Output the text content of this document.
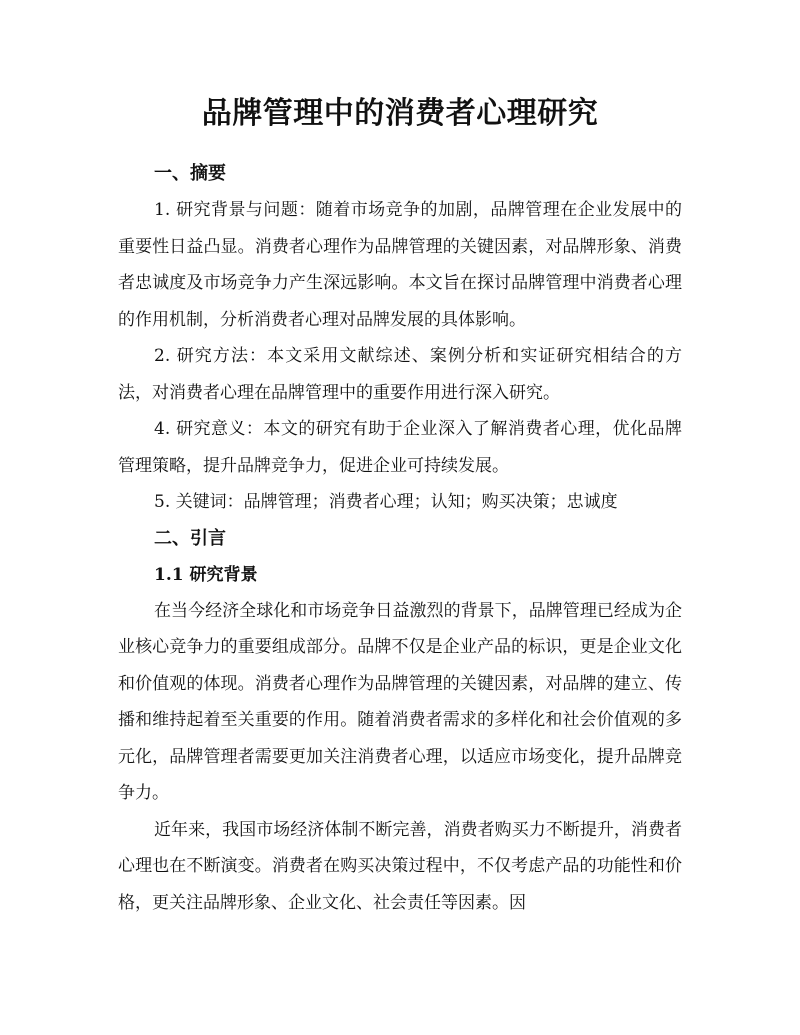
品牌管理中的消费者心理研究
一、摘要

1. 研究背景与问题：随着市场竞争的加剧，品牌管理在企业发展中的重要性日益凸显。消费者心理作为品牌管理的关键因素，对品牌形象、消费者忠诚度及市场竞争力产生深远影响。本文旨在探讨品牌管理中消费者心理的作用机制，分析消费者心理对品牌发展的具体影响。

2. 研究方法：本文采用文献综述、案例分析和实证研究相结合的方法，对消费者心理在品牌管理中的重要作用进行深入研究。

4. 研究意义：本文的研究有助于企业深入了解消费者心理，优化品牌管理策略，提升品牌竞争力，促进企业可持续发展。

5. 关键词：品牌管理；消费者心理；认知；购买决策；忠诚度

二、引言
1.1 研究背景

在当今经济全球化和市场竞争日益激烈的背景下，品牌管理已经成为企业核心竞争力的重要组成部分。品牌不仅是企业产品的标识，更是企业文化和价值观的体现。消费者心理作为品牌管理的关键因素，对品牌的建立、传播和维持起着至关重要的作用。随着消费者需求的多样化和社会价值观的多元化，品牌管理者需要更加关注消费者心理，以适应市场变化，提升品牌竞争力。

近年来，我国市场经济体制不断完善，消费者购买力不断提升，消费者心理也在不断演变。消费者在购买决策过程中，不仅考虑产品的功能性和价格，更关注品牌形象、企业文化、社会责任等因素。因
